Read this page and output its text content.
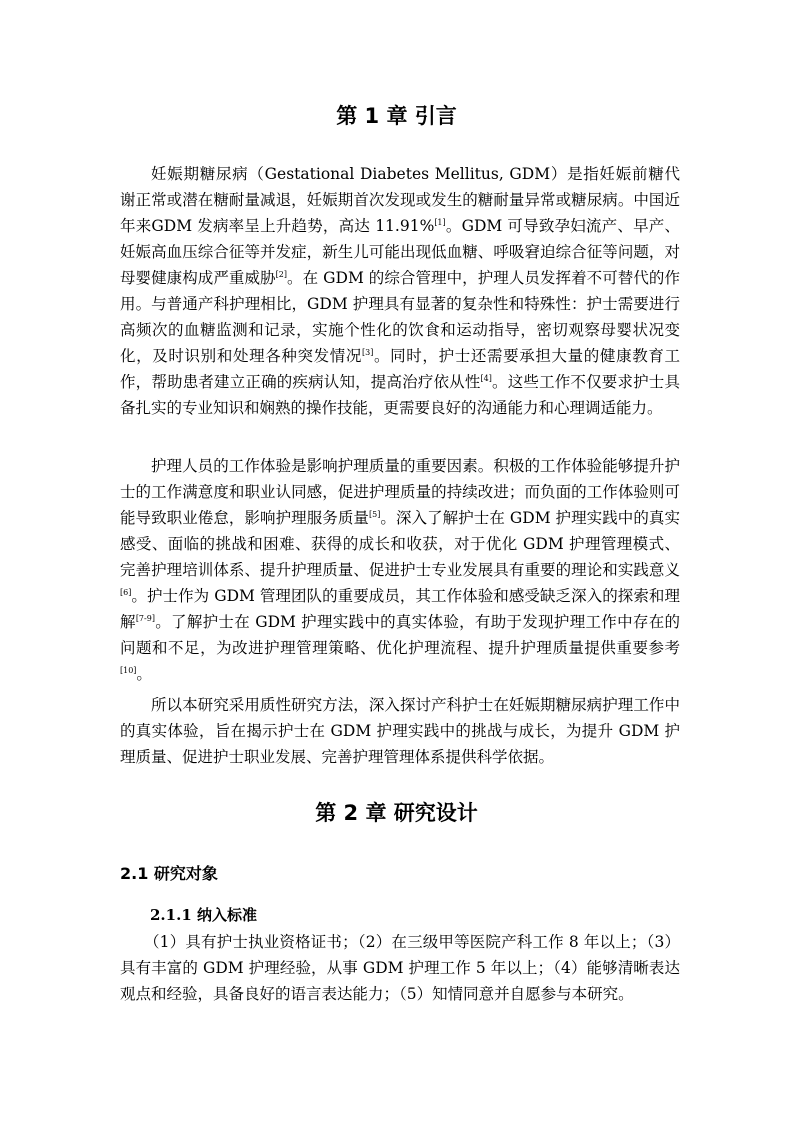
第 1 章 引言

妊娠期糖尿病（Gestational Diabetes Mellitus, GDM）是指妊娠前糖代谢正常或潜在糖耐量减退，妊娠期首次发现或发生的糖耐量异常或糖尿病。中国近年来GDM 发病率呈上升趋势，高达 11.91%[1]。GDM 可导致孕妇流产、早产、妊娠高血压综合征等并发症，新生儿可能出现低血糖、呼吸窘迫综合征等问题，对母婴健康构成严重威胁[2]。在 GDM 的综合管理中，护理人员发挥着不可替代的作用。与普通产科护理相比，GDM 护理具有显著的复杂性和特殊性：护士需要进行高频次的血糖监测和记录，实施个性化的饮食和运动指导，密切观察母婴状况变化，及时识别和处理各种突发情况[3]。同时，护士还需要承担大量的健康教育工作，帮助患者建立正确的疾病认知，提高治疗依从性[4]。这些工作不仅要求护士具备扎实的专业知识和娴熟的操作技能，更需要良好的沟通能力和心理调适能力。

护理人员的工作体验是影响护理质量的重要因素。积极的工作体验能够提升护士的工作满意度和职业认同感，促进护理质量的持续改进；而负面的工作体验则可能导致职业倦怠，影响护理服务质量[5]。深入了解护士在 GDM 护理实践中的真实感受、面临的挑战和困难、获得的成长和收获，对于优化 GDM 护理管理模式、完善护理培训体系、提升护理质量、促进护士专业发展具有重要的理论和实践意义[6]。护士作为 GDM 管理团队的重要成员，其工作体验和感受缺乏深入的探索和理解[7-9]。了解护士在 GDM 护理实践中的真实体验，有助于发现护理工作中存在的问题和不足，为改进护理管理策略、优化护理流程、提升护理质量提供重要参考[10]。

所以本研究采用质性研究方法，深入探讨产科护士在妊娠期糖尿病护理工作中的真实体验，旨在揭示护士在 GDM 护理实践中的挑战与成长，为提升 GDM 护理质量、促进护士职业发展、完善护理管理体系提供科学依据。

第 2 章 研究设计
2.1 研究对象
2.1.1 纳入标准

（1）具有护士执业资格证书；（2）在三级甲等医院产科工作 8 年以上；（3）具有丰富的 GDM 护理经验，从事 GDM 护理工作 5 年以上；（4）能够清晰表达观点和经验，具备良好的语言表达能力；（5）知情同意并自愿参与本研究。
